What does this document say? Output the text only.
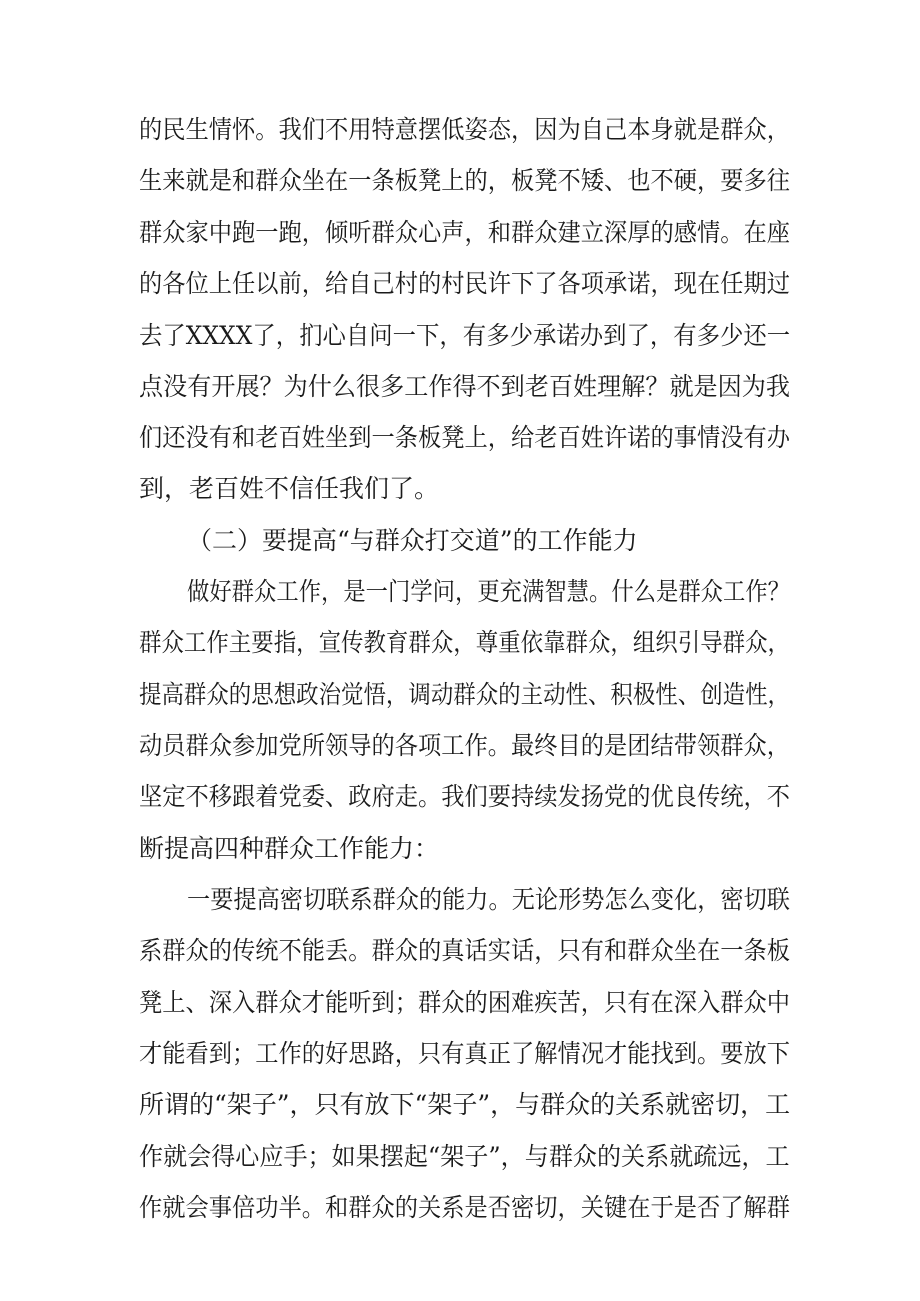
的民生情怀。我们不用特意摆低姿态，因为自己本身就是群众，
生来就是和群众坐在一条板凳上的，板凳不矮、也不硬，要多往
群众家中跑一跑，倾听群众心声，和群众建立深厚的感情。在座
的各位上任以前，给自己村的村民许下了各项承诺，现在任期过
去了XXXX了，扪心自问一下，有多少承诺办到了，有多少还一
点没有开展？为什么很多工作得不到老百姓理解？就是因为我
们还没有和老百姓坐到一条板凳上，给老百姓许诺的事情没有办
到，老百姓不信任我们了。
（二）要提高“与群众打交道”的工作能力
做好群众工作，是一门学问，更充满智慧。什么是群众工作？
群众工作主要指，宣传教育群众，尊重依靠群众，组织引导群众，
提高群众的思想政治觉悟，调动群众的主动性、积极性、创造性，
动员群众参加党所领导的各项工作。最终目的是团结带领群众，
坚定不移跟着党委、政府走。我们要持续发扬党的优良传统，不
断提高四种群众工作能力：
一要提高密切联系群众的能力。无论形势怎么变化，密切联
系群众的传统不能丢。群众的真话实话，只有和群众坐在一条板
凳上、深入群众才能听到；群众的困难疾苦，只有在深入群众中
才能看到；工作的好思路，只有真正了解情况才能找到。要放下
所谓的“架子”，只有放下“架子”，与群众的关系就密切，工
作就会得心应手；如果摆起“架子”，与群众的关系就疏远，工
作就会事倍功半。和群众的关系是否密切，关键在于是否了解群
